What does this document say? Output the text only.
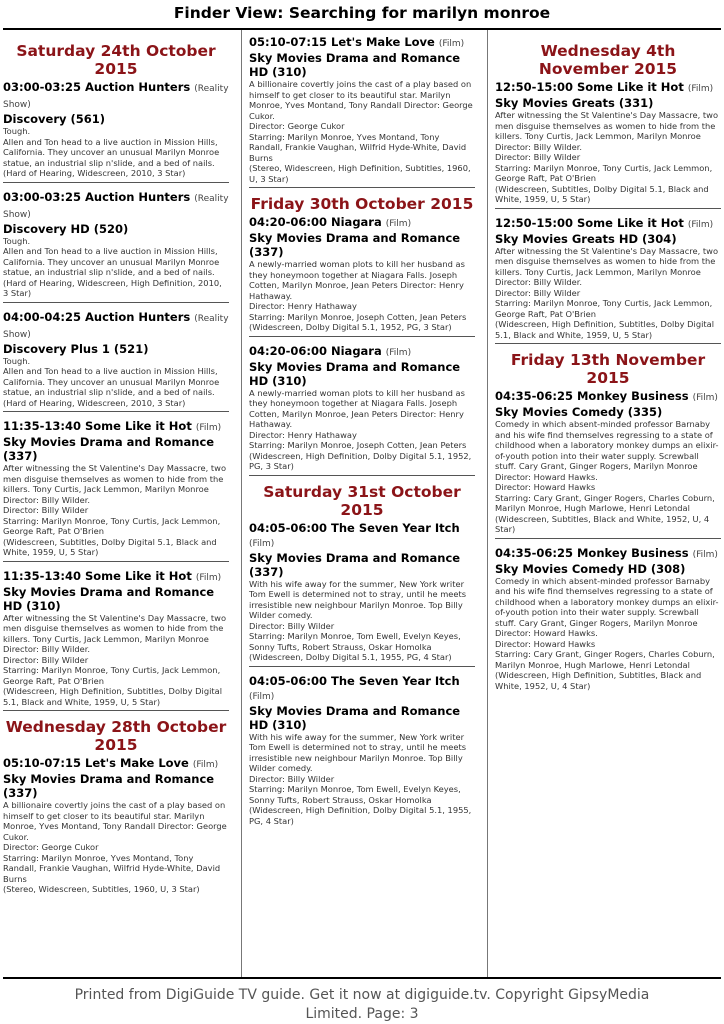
Finder View: Searching for marilyn monroe
Saturday 24th October 2015
03:00-03:25 Auction Hunters (Reality Show)
Discovery (561)
Tough.
Allen and Ton head to a live auction in Mission Hills, California. They uncover an unusual Marilyn Monroe statue, an industrial slip n'slide, and a bed of nails.
(Hard of Hearing, Widescreen, 2010, 3 Star)
03:00-03:25 Auction Hunters (Reality Show)
Discovery HD (520)
Tough.
Allen and Ton head to a live auction in Mission Hills, California. They uncover an unusual Marilyn Monroe statue, an industrial slip n'slide, and a bed of nails.
(Hard of Hearing, Widescreen, High Definition, 2010, 3 Star)
04:00-04:25 Auction Hunters (Reality Show)
Discovery Plus 1 (521)
Tough.
Allen and Ton head to a live auction in Mission Hills, California. They uncover an unusual Marilyn Monroe statue, an industrial slip n'slide, and a bed of nails.
(Hard of Hearing, Widescreen, 2010, 3 Star)
11:35-13:40 Some Like it Hot (Film)
Sky Movies Drama and Romance (337)
After witnessing the St Valentine's Day Massacre, two men disguise themselves as women to hide from the killers. Tony Curtis, Jack Lemmon, Marilyn Monroe Director: Billy Wilder.
Director: Billy Wilder
Starring: Marilyn Monroe, Tony Curtis, Jack Lemmon, George Raft, Pat O'Brien
(Widescreen, Subtitles, Dolby Digital 5.1, Black and White, 1959, U, 5 Star)
11:35-13:40 Some Like it Hot (Film)
Sky Movies Drama and Romance HD (310)
After witnessing the St Valentine's Day Massacre, two men disguise themselves as women to hide from the killers. Tony Curtis, Jack Lemmon, Marilyn Monroe Director: Billy Wilder.
Director: Billy Wilder
Starring: Marilyn Monroe, Tony Curtis, Jack Lemmon, George Raft, Pat O'Brien
(Widescreen, High Definition, Subtitles, Dolby Digital 5.1, Black and White, 1959, U, 5 Star)
Wednesday 28th October 2015
05:10-07:15 Let's Make Love (Film)
Sky Movies Drama and Romance (337)
A billionaire covertly joins the cast of a play based on himself to get closer to its beautiful star. Marilyn Monroe, Yves Montand, Tony Randall Director: George Cukor.
Director: George Cukor
Starring: Marilyn Monroe, Yves Montand, Tony Randall, Frankie Vaughan, Wilfrid Hyde-White, David Burns
(Stereo, Widescreen, Subtitles, 1960, U, 3 Star)
05:10-07:15 Let's Make Love (Film)
Sky Movies Drama and Romance HD (310)
A billionaire covertly joins the cast of a play based on himself to get closer to its beautiful star. Marilyn Monroe, Yves Montand, Tony Randall Director: George Cukor.
Director: George Cukor
Starring: Marilyn Monroe, Yves Montand, Tony Randall, Frankie Vaughan, Wilfrid Hyde-White, David Burns
(Stereo, Widescreen, High Definition, Subtitles, 1960, U, 3 Star)
Friday 30th October 2015
04:20-06:00 Niagara (Film)
Sky Movies Drama and Romance (337)
A newly-married woman plots to kill her husband as they honeymoon together at Niagara Falls. Joseph Cotten, Marilyn Monroe, Jean Peters Director: Henry Hathaway.
Director: Henry Hathaway
Starring: Marilyn Monroe, Joseph Cotten, Jean Peters
(Widescreen, Dolby Digital 5.1, 1952, PG, 3 Star)
04:20-06:00 Niagara (Film)
Sky Movies Drama and Romance HD (310)
A newly-married woman plots to kill her husband as they honeymoon together at Niagara Falls. Joseph Cotten, Marilyn Monroe, Jean Peters Director: Henry Hathaway.
Director: Henry Hathaway
Starring: Marilyn Monroe, Joseph Cotten, Jean Peters
(Widescreen, High Definition, Dolby Digital 5.1, 1952, PG, 3 Star)
Saturday 31st October 2015
04:05-06:00 The Seven Year Itch (Film)
Sky Movies Drama and Romance (337)
With his wife away for the summer, New York writer Tom Ewell is determined not to stray, until he meets irresistible new neighbour Marilyn Monroe. Top Billy Wilder comedy.
Director: Billy Wilder
Starring: Marilyn Monroe, Tom Ewell, Evelyn Keyes, Sonny Tufts, Robert Strauss, Oskar Homolka
(Widescreen, Dolby Digital 5.1, 1955, PG, 4 Star)
04:05-06:00 The Seven Year Itch (Film)
Sky Movies Drama and Romance HD (310)
With his wife away for the summer, New York writer Tom Ewell is determined not to stray, until he meets irresistible new neighbour Marilyn Monroe. Top Billy Wilder comedy.
Director: Billy Wilder
Starring: Marilyn Monroe, Tom Ewell, Evelyn Keyes, Sonny Tufts, Robert Strauss, Oskar Homolka
(Widescreen, High Definition, Dolby Digital 5.1, 1955, PG, 4 Star)
Wednesday 4th November 2015
12:50-15:00 Some Like it Hot (Film)
Sky Movies Greats (331)
After witnessing the St Valentine's Day Massacre, two men disguise themselves as women to hide from the killers. Tony Curtis, Jack Lemmon, Marilyn Monroe Director: Billy Wilder.
Director: Billy Wilder
Starring: Marilyn Monroe, Tony Curtis, Jack Lemmon, George Raft, Pat O'Brien
(Widescreen, Subtitles, Dolby Digital 5.1, Black and White, 1959, U, 5 Star)
12:50-15:00 Some Like it Hot (Film)
Sky Movies Greats HD (304)
After witnessing the St Valentine's Day Massacre, two men disguise themselves as women to hide from the killers. Tony Curtis, Jack Lemmon, Marilyn Monroe Director: Billy Wilder.
Director: Billy Wilder
Starring: Marilyn Monroe, Tony Curtis, Jack Lemmon, George Raft, Pat O'Brien
(Widescreen, High Definition, Subtitles, Dolby Digital 5.1, Black and White, 1959, U, 5 Star)
Friday 13th November 2015
04:35-06:25 Monkey Business (Film)
Sky Movies Comedy (335)
Comedy in which absent-minded professor Barnaby and his wife find themselves regressing to a state of childhood when a laboratory monkey dumps an elixir-of-youth potion into their water supply. Screwball stuff. Cary Grant, Ginger Rogers, Marilyn Monroe Director: Howard Hawks.
Director: Howard Hawks
Starring: Cary Grant, Ginger Rogers, Charles Coburn, Marilyn Monroe, Hugh Marlowe, Henri Letondal
(Widescreen, Subtitles, Black and White, 1952, U, 4 Star)
04:35-06:25 Monkey Business (Film)
Sky Movies Comedy HD (308)
Comedy in which absent-minded professor Barnaby and his wife find themselves regressing to a state of childhood when a laboratory monkey dumps an elixir-of-youth potion into their water supply. Screwball stuff. Cary Grant, Ginger Rogers, Marilyn Monroe Director: Howard Hawks.
Director: Howard Hawks
Starring: Cary Grant, Ginger Rogers, Charles Coburn, Marilyn Monroe, Hugh Marlowe, Henri Letondal
(Widescreen, High Definition, Subtitles, Black and White, 1952, U, 4 Star)
Printed from DigiGuide TV guide. Get it now at digiguide.tv. Copyright GipsyMedia
Limited. Page: 3
